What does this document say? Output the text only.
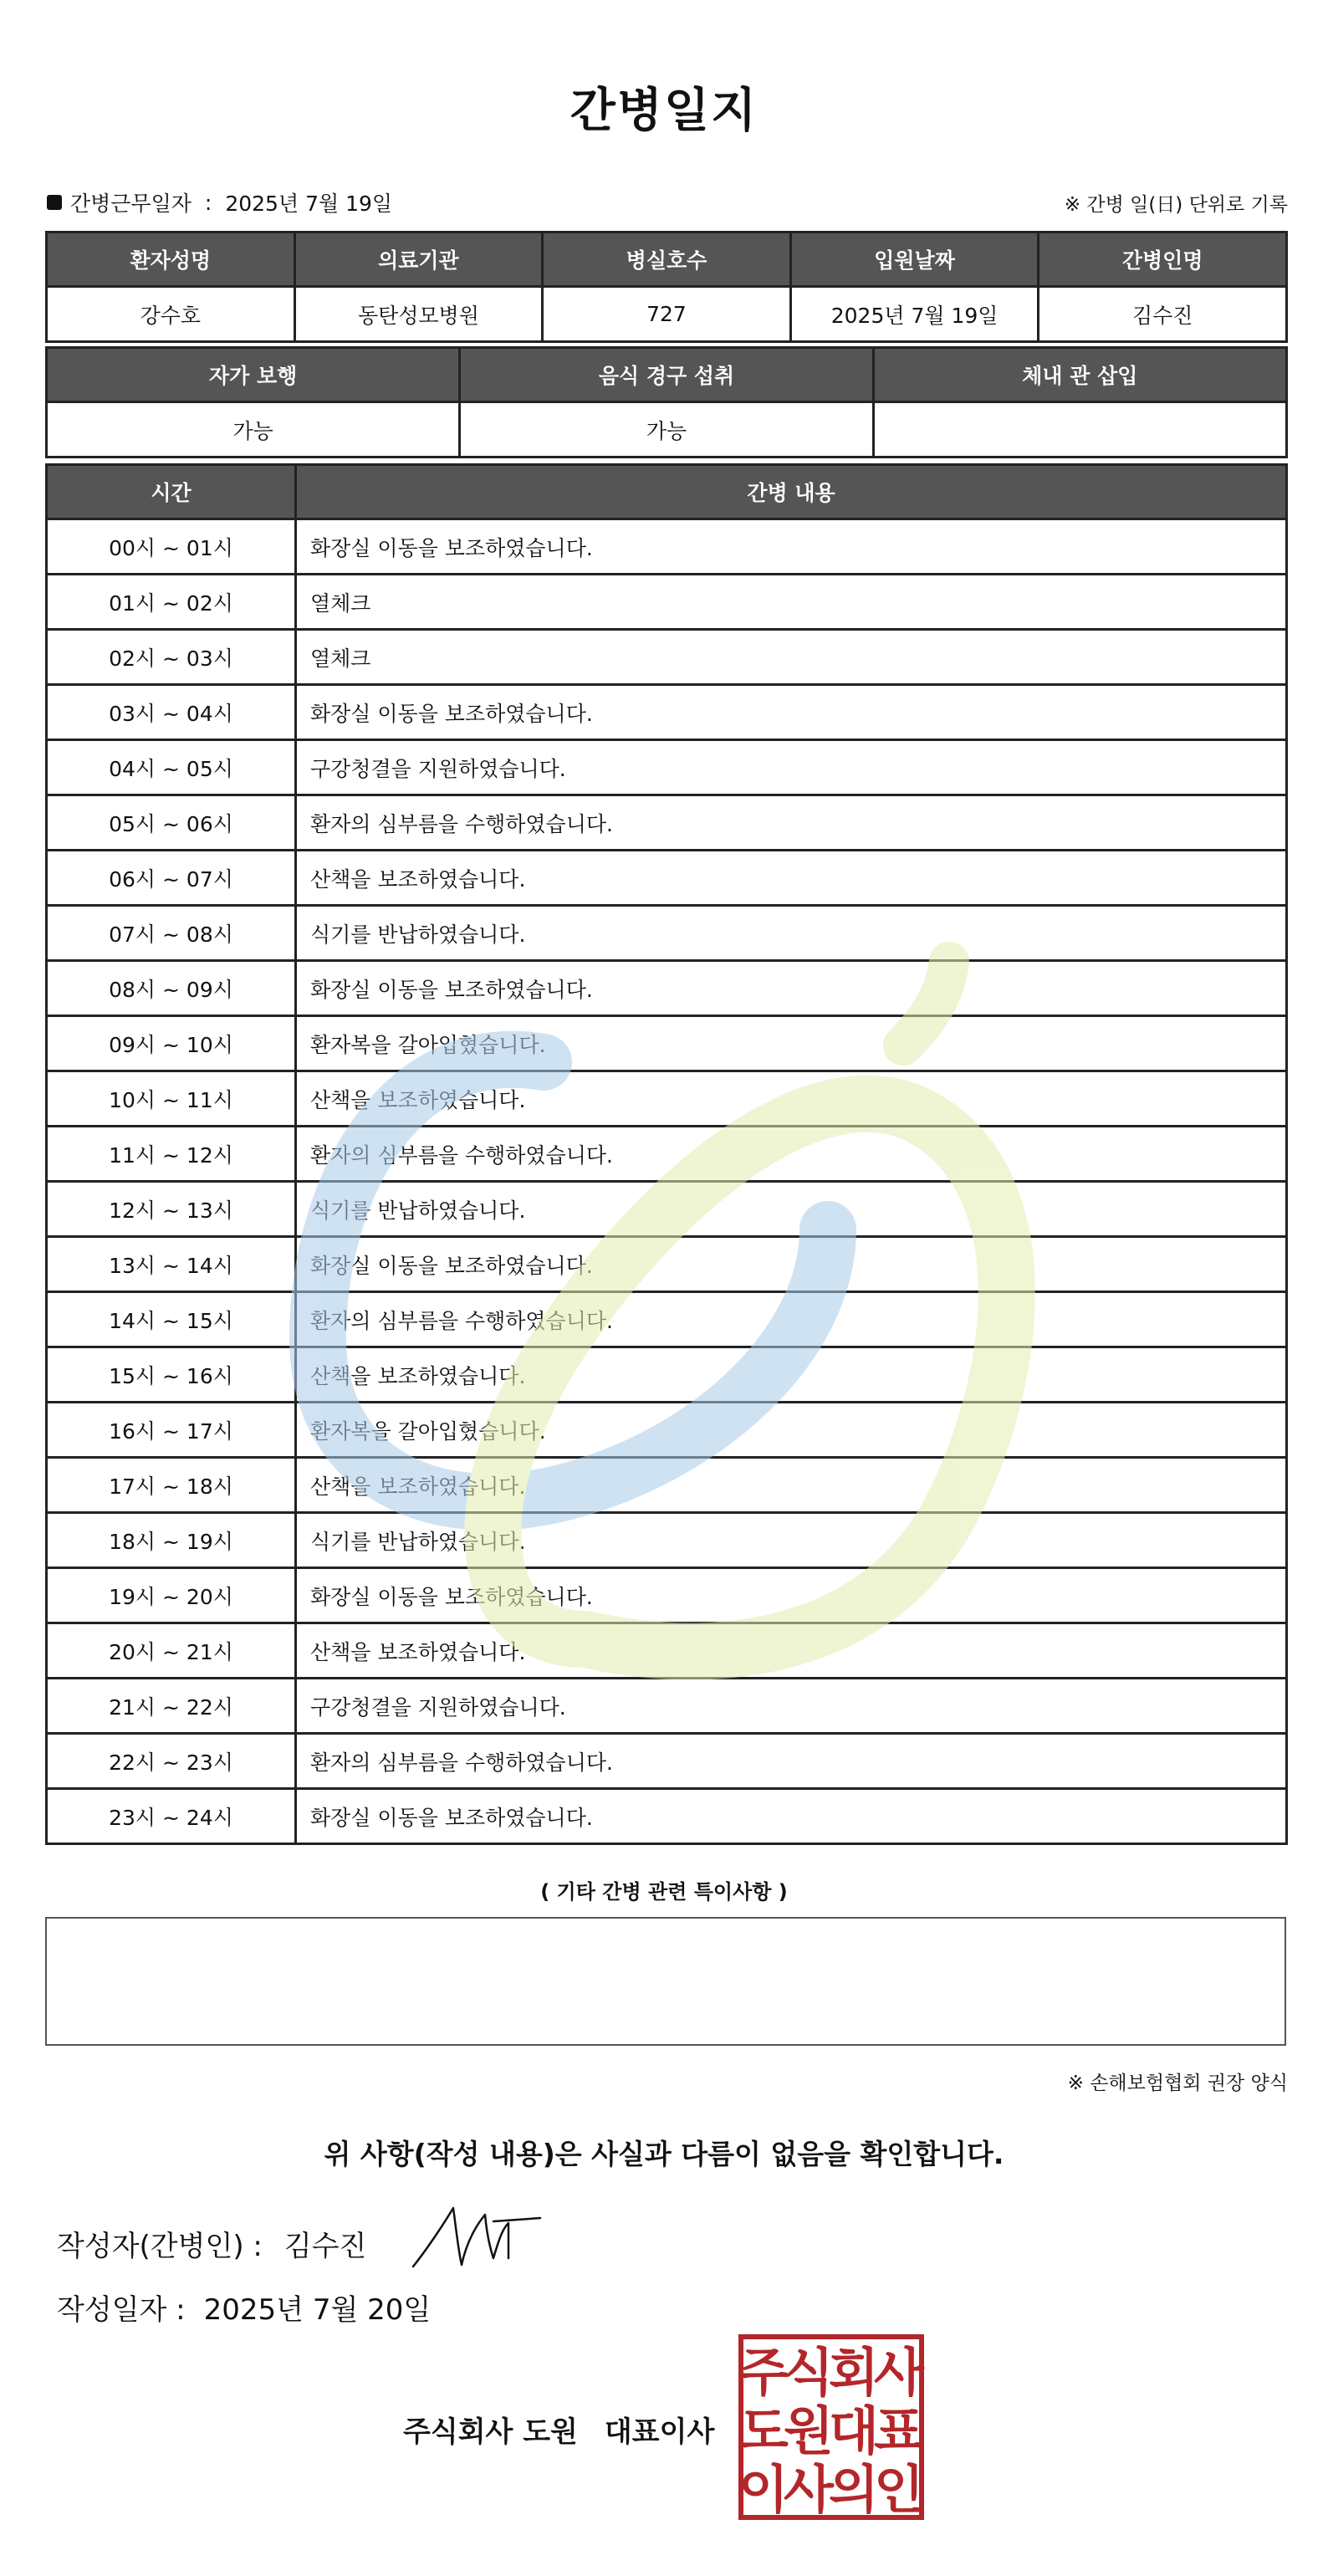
간병일지
간병근무일자 : 2025년 7월 19일	※ 간병 일(日) 단위로 기록
환자성명	의료기관	병실호수	입원날짜	간병인명
강수호	동탄성모병원	727	2025년 7월 19일	김수진
자가 보행	음식 경구 섭취	체내 관 삽입
가능	가능	
시간	간병 내용
00시 ~ 01시	화장실 이동을 보조하였습니다.
01시 ~ 02시	열체크
02시 ~ 03시	열체크
03시 ~ 04시	화장실 이동을 보조하였습니다.
04시 ~ 05시	구강청결을 지원하였습니다.
05시 ~ 06시	환자의 심부름을 수행하였습니다.
06시 ~ 07시	산책을 보조하였습니다.
07시 ~ 08시	식기를 반납하였습니다.
08시 ~ 09시	화장실 이동을 보조하였습니다.
09시 ~ 10시	환자복을 갈아입혔습니다.
10시 ~ 11시	산책을 보조하였습니다.
11시 ~ 12시	환자의 심부름을 수행하였습니다.
12시 ~ 13시	식기를 반납하였습니다.
13시 ~ 14시	화장실 이동을 보조하였습니다.
14시 ~ 15시	환자의 심부름을 수행하였습니다.
15시 ~ 16시	산책을 보조하였습니다.
16시 ~ 17시	환자복을 갈아입혔습니다.
17시 ~ 18시	산책을 보조하였습니다.
18시 ~ 19시	식기를 반납하였습니다.
19시 ~ 20시	화장실 이동을 보조하였습니다.
20시 ~ 21시	산책을 보조하였습니다.
21시 ~ 22시	구강청결을 지원하였습니다.
22시 ~ 23시	환자의 심부름을 수행하였습니다.
23시 ~ 24시	화장실 이동을 보조하였습니다.
( 기타 간병 관련 특이사항 )
※ 손해보험협회 권장 양식
위 사항(작성 내용)은 사실과 다름이 없음을 확인합니다.
작성자(간병인) : 김수진
작성일자 : 2025년 7월 20일
주식회사 도원 대표이사
주
식
회
사
도
원
대
표
이
사
의
인
